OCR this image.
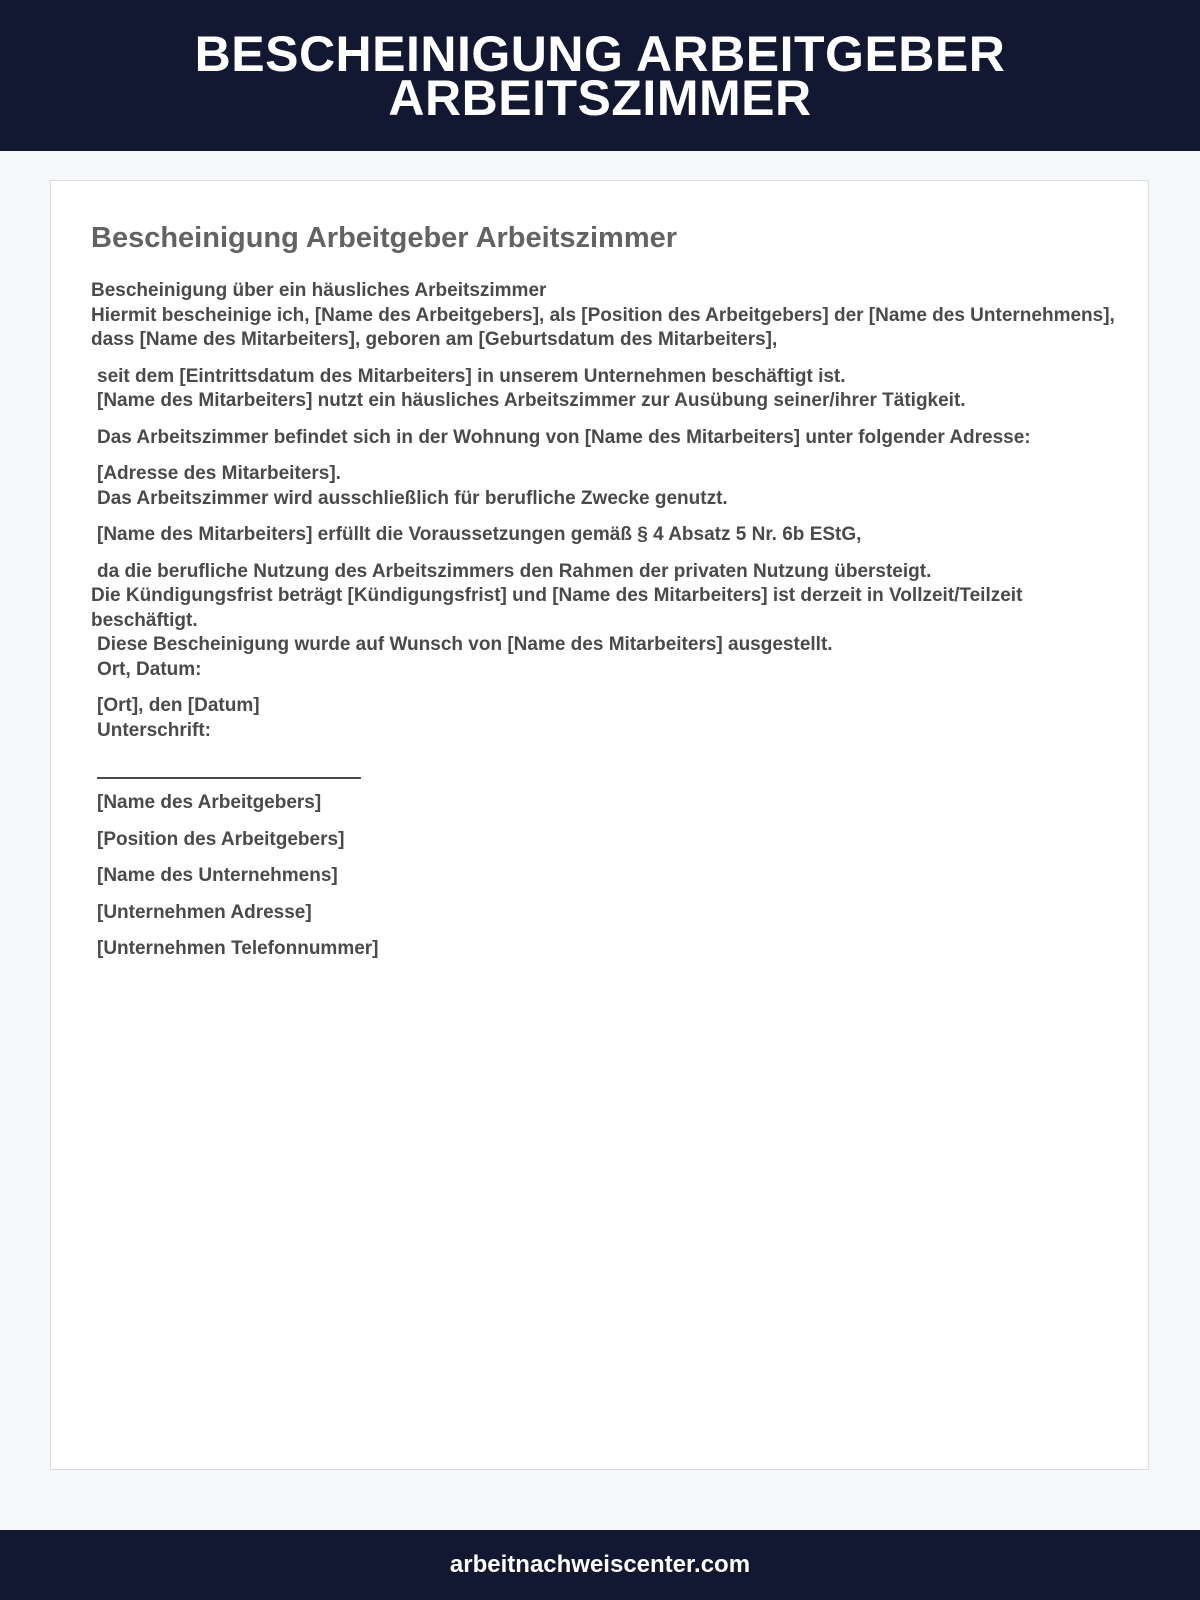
BESCHEINIGUNG ARBEITGEBER ARBEITSZIMMER
Bescheinigung Arbeitgeber Arbeitszimmer
Bescheinigung über ein häusliches Arbeitszimmer
Hiermit bescheinige ich, [Name des Arbeitgebers], als [Position des Arbeitgebers] der [Name des Unternehmens], dass [Name des Mitarbeiters], geboren am [Geburtsdatum des Mitarbeiters],
seit dem [Eintrittsdatum des Mitarbeiters] in unserem Unternehmen beschäftigt ist.
[Name des Mitarbeiters] nutzt ein häusliches Arbeitszimmer zur Ausübung seiner/ihrer Tätigkeit.
Das Arbeitszimmer befindet sich in der Wohnung von [Name des Mitarbeiters] unter folgender Adresse:
[Adresse des Mitarbeiters].
Das Arbeitszimmer wird ausschließlich für berufliche Zwecke genutzt.
[Name des Mitarbeiters] erfüllt die Voraussetzungen gemäß § 4 Absatz 5 Nr. 6b EStG,
da die berufliche Nutzung des Arbeitszimmers den Rahmen der privaten Nutzung übersteigt.
Die Kündigungsfrist beträgt [Kündigungsfrist] und [Name des Mitarbeiters] ist derzeit in Vollzeit/Teilzeit beschäftigt.
Diese Bescheinigung wurde auf Wunsch von [Name des Mitarbeiters] ausgestellt.
Ort, Datum:
[Ort], den [Datum]
Unterschrift:
[Name des Arbeitgebers]
[Position des Arbeitgebers]
[Name des Unternehmens]
[Unternehmen Adresse]
[Unternehmen Telefonnummer]
arbeitnachweiscenter.com
